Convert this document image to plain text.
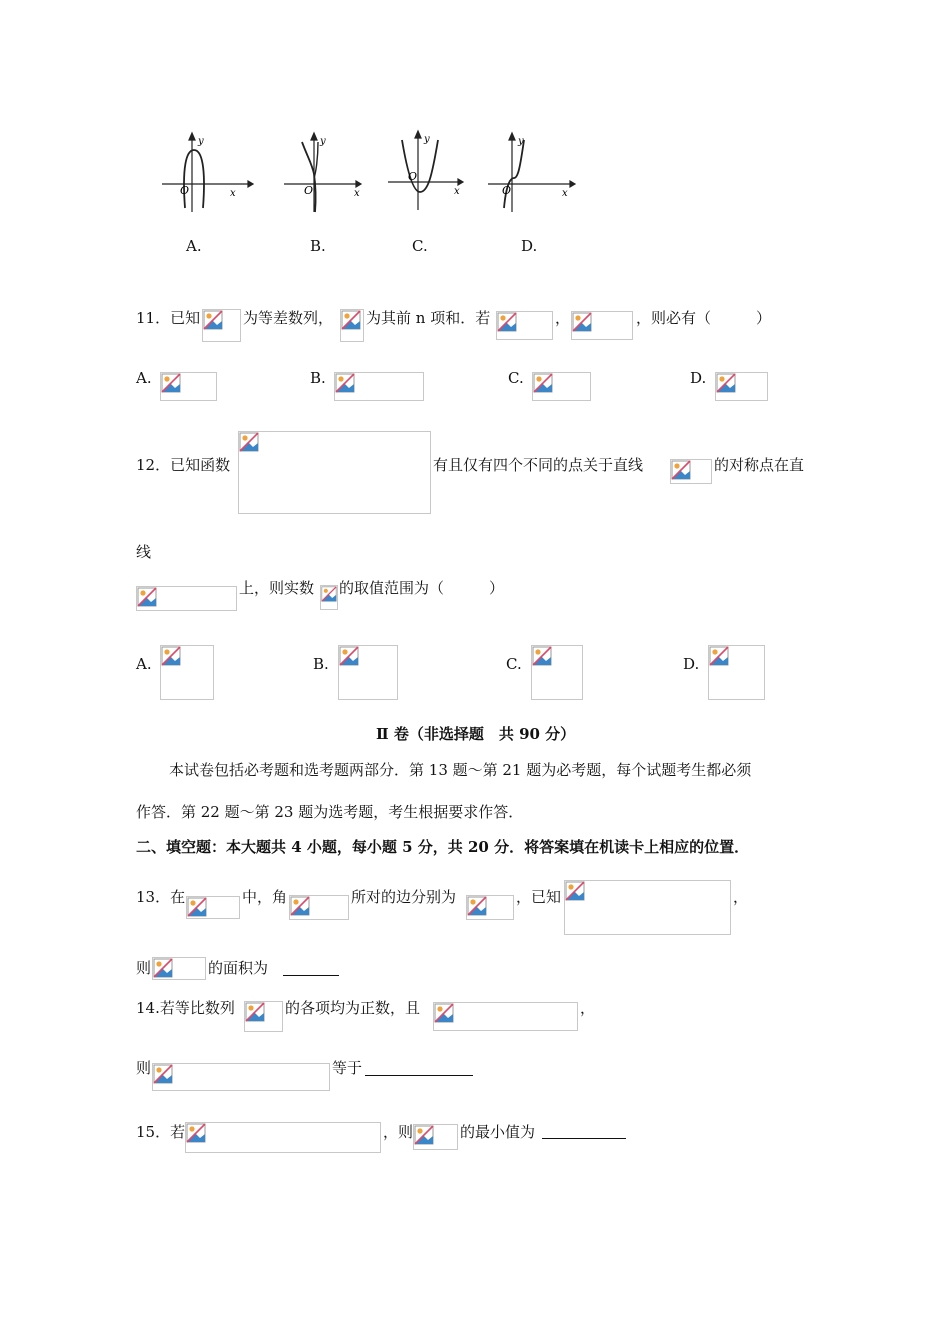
y
x
O
y
x
O
y
x
O
y
x
O
A.	B.	C.	D.
11．已知	为等差数列， 为其前 n 项和．若	，	，则必有（　　　）
A.	B.	C.	D.
12．已知函数	有且仅有四个不同的点关于直线	的对称点在直
线
上，则实数 的取值范围为（　　　）
A.	B.	C.	D.
Ⅱ 卷（非选择题　共 90 分）
本试卷包括必考题和选考题两部分．第 13 题～第 21 题为必考题，每个试题考生都必须
作答．第 22 题～第 23 题为选考题，考生根据要求作答．
二、填空题：本大题共 4 小题，每小题 5 分，共 20 分．将答案填在机读卡上相应的位置．
13．在	中，角	所对的边分别为	，已知	，
则	的面积为
14.若等比数列	的各项均为正数，且	，
则	等于
15．若	，则	的最小值为
